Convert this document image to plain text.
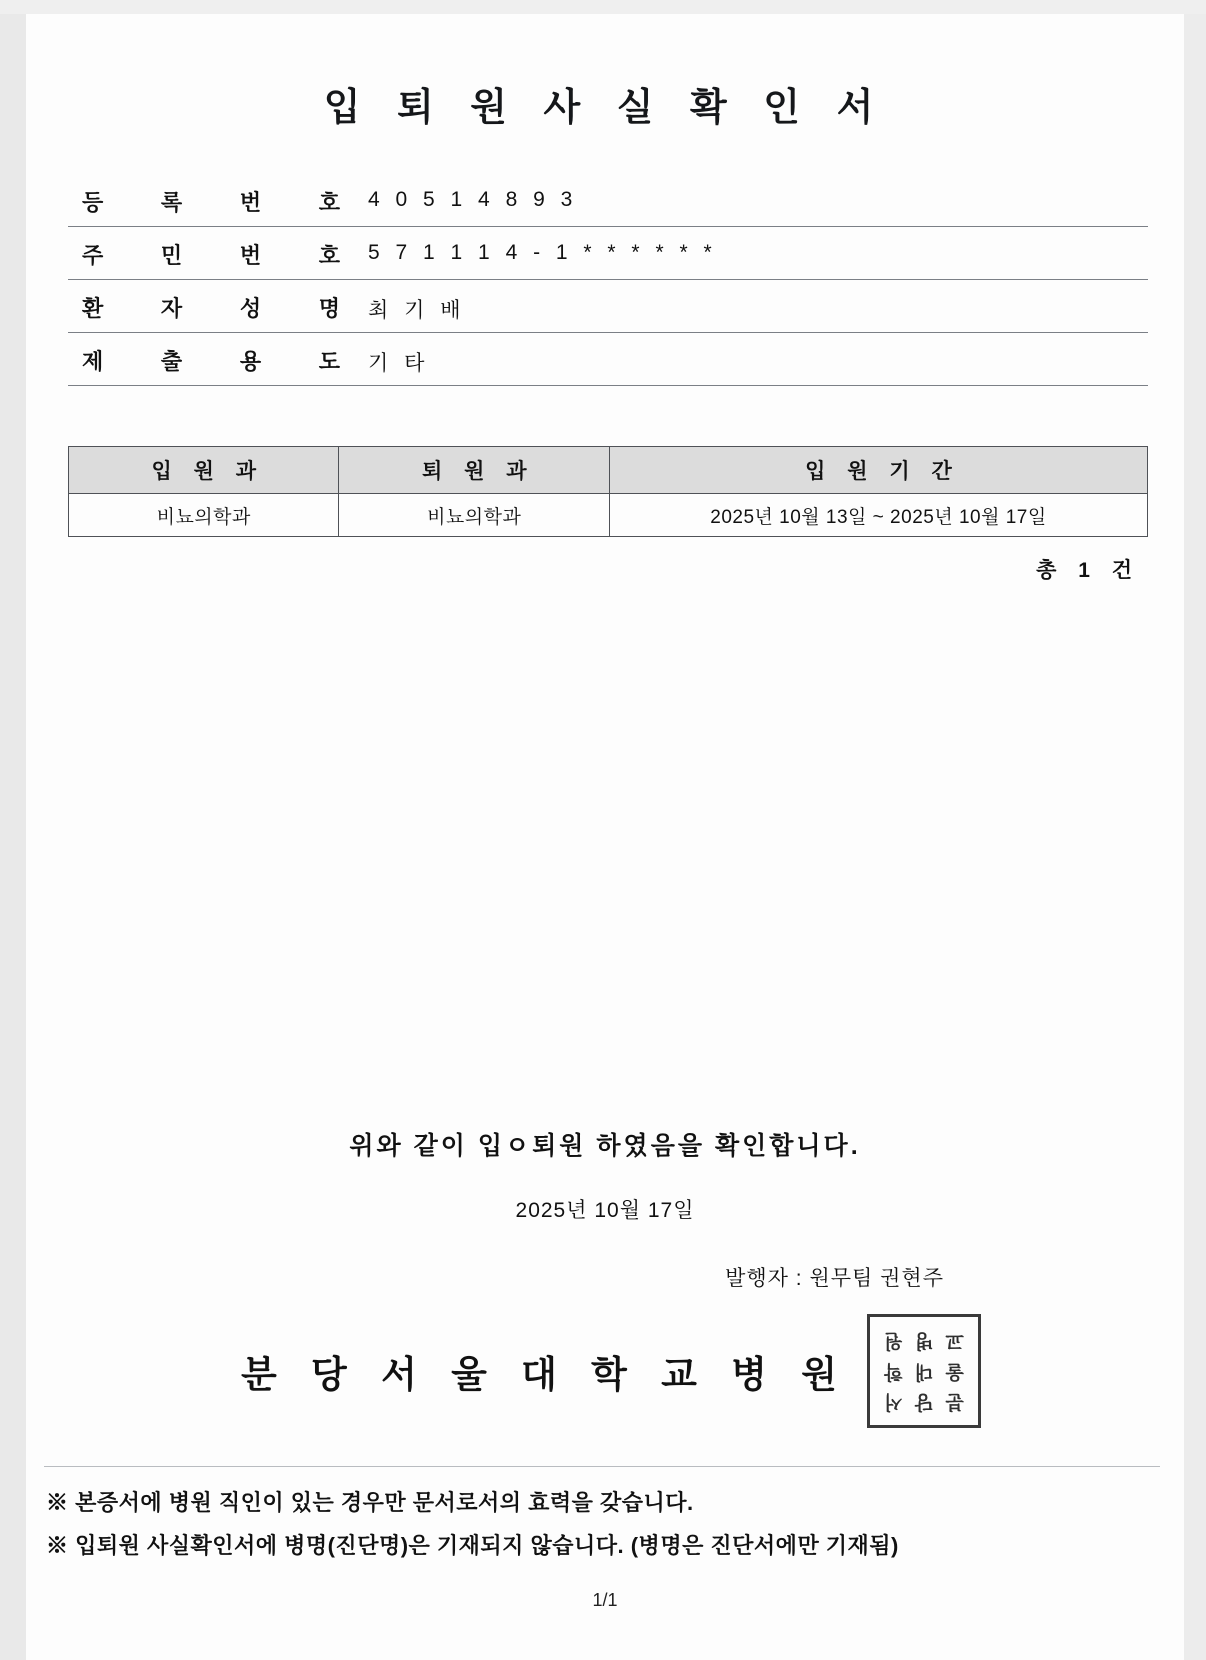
입 퇴 원 사 실 확 인 서
등	록	번	호 4 0 5 1 4 8 9 3
주	민	번	호 5 7 1 1 1 4 - 1 * * * * * *
환	자	성	명 최 기 배
제	출	용	도 기 타
입 원 과	퇴 원 과	입 원 기 간
비뇨의학과	비뇨의학과	2025년 10월 13일 ~ 2025년 10월 17일
총 1 건
위와 같이 입ㅇ퇴원 하였음을 확인합니다.
2025년 10월 17일
발행자 : 원무팀 권현주
분 당 서 울 대 학 교 병 원
분
당
서
울
대
학
교
병
원
※ 본증서에 병원 직인이 있는 경우만 문서로서의 효력을 갖습니다.
※ 입퇴원 사실확인서에 병명(진단명)은 기재되지 않습니다. (병명은 진단서에만 기재됨)
1/1
